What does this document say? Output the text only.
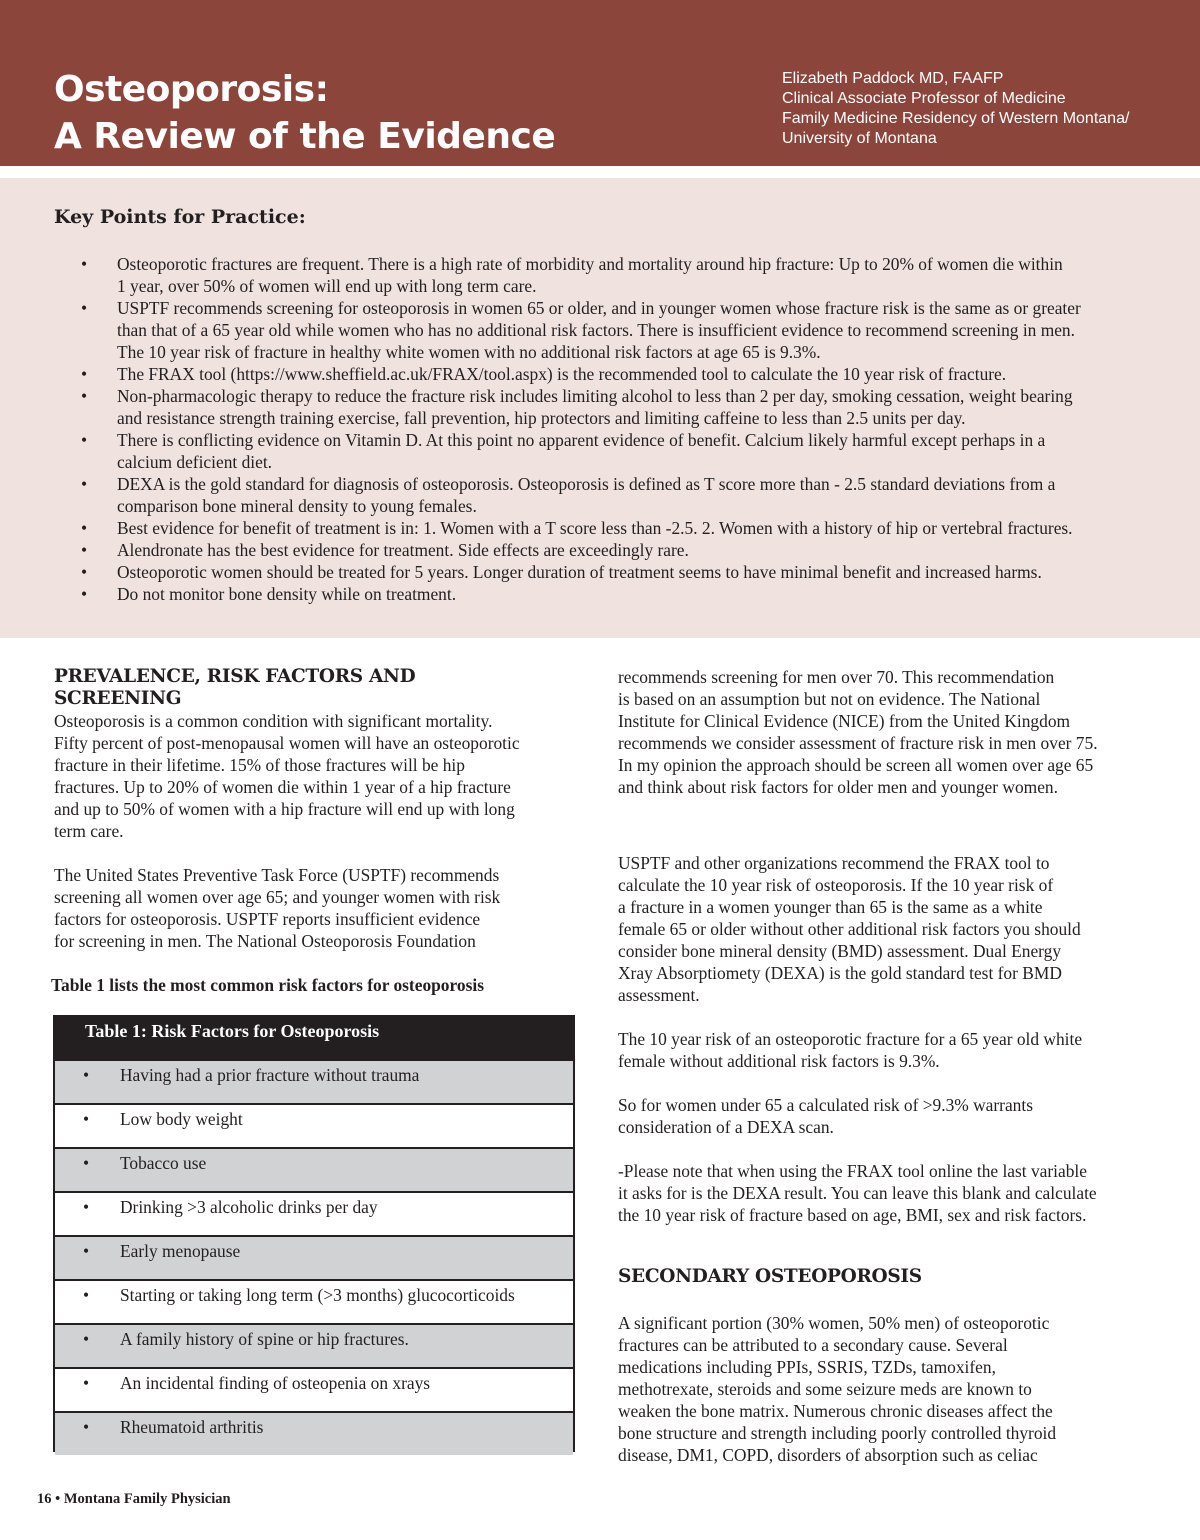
Osteoporosis:
A Review of the Evidence
Elizabeth Paddock MD, FAAFP
Clinical Associate Professor of Medicine
Family Medicine Residency of Western Montana/
University of Montana
Key Points for Practice:
• Osteoporotic fractures are frequent. There is a high rate of morbidity and mortality around hip fracture: Up to 20% of women die within
1 year, over 50% of women will end up with long term care.
• USPTF recommends screening for osteoporosis in women 65 or older, and in younger women whose fracture risk is the same as or greater
than that of a 65 year old while women who has no additional risk factors. There is insufficient evidence to recommend screening in men.
The 10 year risk of fracture in healthy white women with no additional risk factors at age 65 is 9.3%.
• The FRAX tool (https://www.sheffield.ac.uk/FRAX/tool.aspx) is the recommended tool to calculate the 10 year risk of fracture.
• Non-pharmacologic therapy to reduce the fracture risk includes limiting alcohol to less than 2 per day, smoking cessation, weight bearing
and resistance strength training exercise, fall prevention, hip protectors and limiting caffeine to less than 2.5 units per day.
• There is conflicting evidence on Vitamin D. At this point no apparent evidence of benefit. Calcium likely harmful except perhaps in a
calcium deficient diet.
• DEXA is the gold standard for diagnosis of osteoporosis. Osteoporosis is defined as T score more than - 2.5 standard deviations from a
comparison bone mineral density to young females.
• Best evidence for benefit of treatment is in: 1. Women with a T score less than -2.5. 2. Women with a history of hip or vertebral fractures.
• Alendronate has the best evidence for treatment. Side effects are exceedingly rare.
• Osteoporotic women should be treated for 5 years. Longer duration of treatment seems to have minimal benefit and increased harms.
• Do not monitor bone density while on treatment.
PREVALENCE, RISK FACTORS AND
SCREENING
Osteoporosis is a common condition with significant mortality.
Fifty percent of post-menopausal women will have an osteoporotic
fracture in their lifetime. 15% of those fractures will be hip
fractures. Up to 20% of women die within 1 year of a hip fracture
and up to 50% of women with a hip fracture will end up with long
term care.
The United States Preventive Task Force (USPTF) recommends
screening all women over age 65; and younger women with risk
factors for osteoporosis. USPTF reports insufficient evidence
for screening in men. The National Osteoporosis Foundation
Table 1 lists the most common risk factors for osteoporosis
Table 1: Risk Factors for Osteoporosis
• Having had a prior fracture without trauma
• Low body weight
• Tobacco use
• Drinking >3 alcoholic drinks per day
• Early menopause
• Starting or taking long term (>3 months) glucocorticoids
• A family history of spine or hip fractures.
• An incidental finding of osteopenia on xrays
• Rheumatoid arthritis
recommends screening for men over 70. This recommendation
is based on an assumption but not on evidence. The National
Institute for Clinical Evidence (NICE) from the United Kingdom
recommends we consider assessment of fracture risk in men over 75.
In my opinion the approach should be screen all women over age 65
and think about risk factors for older men and younger women.
USPTF and other organizations recommend the FRAX tool to
calculate the 10 year risk of osteoporosis. If the 10 year risk of
a fracture in a women younger than 65 is the same as a white
female 65 or older without other additional risk factors you should
consider bone mineral density (BMD) assessment. Dual Energy
Xray Absorptiomety (DEXA) is the gold standard test for BMD
assessment.
The 10 year risk of an osteoporotic fracture for a 65 year old white
female without additional risk factors is 9.3%.
So for women under 65 a calculated risk of >9.3% warrants
consideration of a DEXA scan.
-Please note that when using the FRAX tool online the last variable
it asks for is the DEXA result. You can leave this blank and calculate
the 10 year risk of fracture based on age, BMI, sex and risk factors.
SECONDARY OSTEOPOROSIS
A significant portion (30% women, 50% men) of osteoporotic
fractures can be attributed to a secondary cause. Several
medications including PPIs, SSRIS, TZDs, tamoxifen,
methotrexate, steroids and some seizure meds are known to
weaken the bone matrix. Numerous chronic diseases affect the
bone structure and strength including poorly controlled thyroid
disease, DM1, COPD, disorders of absorption such as celiac
16 • Montana Family Physician
